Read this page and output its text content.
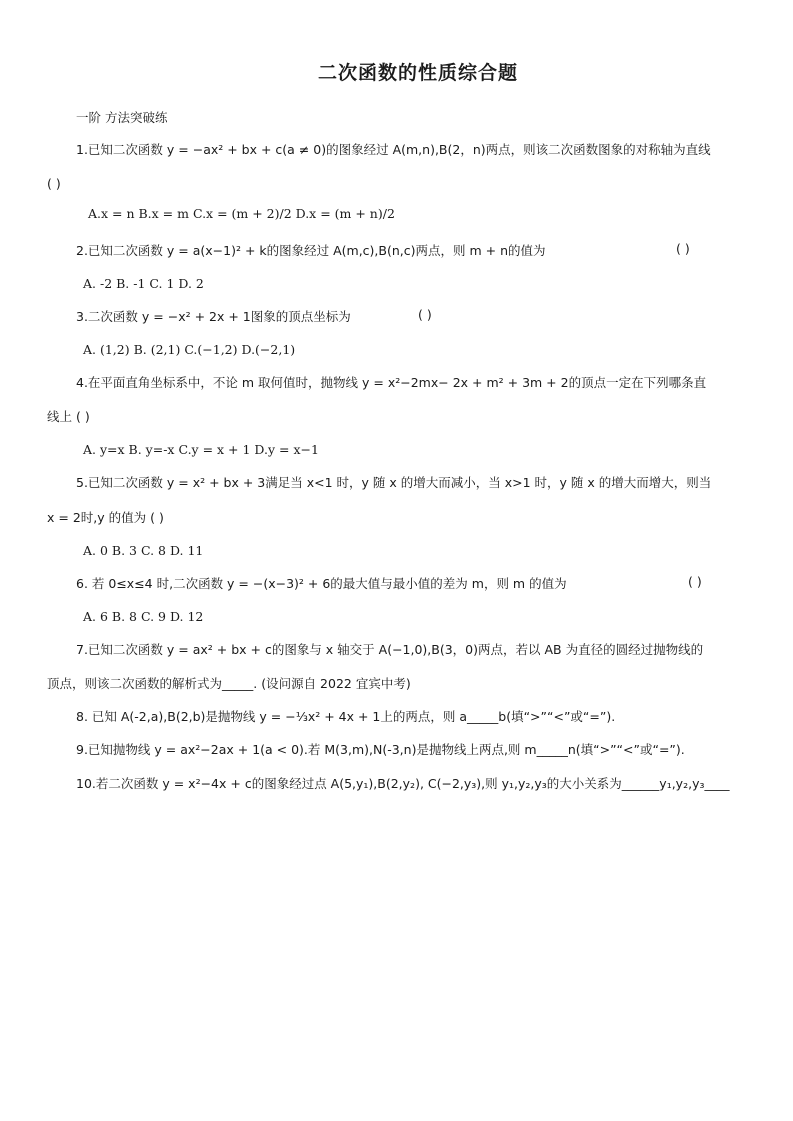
二次函数的性质综合题
一阶 方法突破练
1.已知二次函数 y = −ax² + bx + c(a ≠ 0)的图象经过 A(m,n),B(2，n)两点，则该二次函数图象的对称轴为直线
( )
A.x = n B.x = m C.x = (m + 2)/2 D.x = (m + n)/2
2.已知二次函数 y = a(x−1)² + k的图象经过 A(m,c),B(n,c)两点，则 m + n的值为	( )
A. -2 B. -1 C. 1 D. 2
3.二次函数 y = −x² + 2x + 1图象的顶点坐标为	( )
A. (1,2) B. (2,1) C.(−1,2) D.(−2,1)
4.在平面直角坐标系中，不论 m 取何值时，抛物线 y = x²−2mx− 2x + m² + 3m + 2的顶点一定在下列哪条直
线上 ( )
A. y=x B. y=-x C.y = x + 1 D.y = x−1
5.已知二次函数 y = x² + bx + 3满足当 x<1 时，y 随 x 的增大而减小，当 x>1 时，y 随 x 的增大而增大，则当
x = 2时,y 的值为 ( )
A. 0 B. 3 C. 8 D. 11
6. 若 0≤x≤4 时,二次函数 y = −(x−3)² + 6的最大值与最小值的差为 m，则 m 的值为	( )
A. 6 B. 8 C. 9 D. 12
7.已知二次函数 y = ax² + bx + c的图象与 x 轴交于 A(−1,0),B(3，0)两点，若以 AB 为直径的圆经过抛物线的
顶点，则该二次函数的解析式为_____. (设问源自 2022 宜宾中考)
8. 已知 A(-2,a),B(2,b)是抛物线 y = −⅓x² + 4x + 1上的两点，则 a_____b(填“>”“<”或“=”).
9.已知抛物线 y = ax²−2ax + 1(a < 0).若 M(3,m),N(-3,n)是抛物线上两点,则 m_____n(填“>”“<”或“=”).
10.若二次函数 y = x²−4x + c的图象经过点 A(5,y₁),B(2,y₂), C(−2,y₃),则 y₁,y₂,y₃的大小关系为______y₁,y₂,y₃____
